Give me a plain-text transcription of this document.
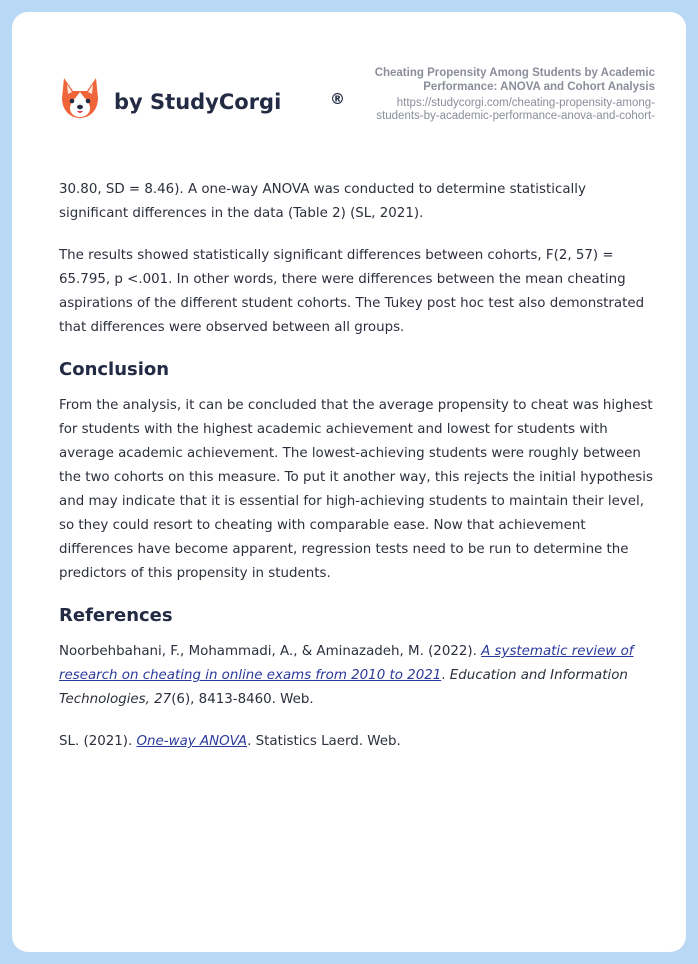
by StudyCorgi	®
Cheating Propensity Among Students by Academic
Performance: ANOVA and Cohort Analysis
https://studycorgi.com/cheating-propensity-among-
students-by-academic-performance-anova-and-cohort-

30.80, SD = 8.46). A one-way ANOVA was conducted to determine statistically significant differences in the data (Table 2) (SL, 2021).

The results showed statistically significant differences between cohorts, F(2, 57) = 65.795, p <.001. In other words, there were differences between the mean cheating aspirations of the different student cohorts. The Tukey post hoc test also demonstrated that differences were observed between all groups.

Conclusion

From the analysis, it can be concluded that the average propensity to cheat was highest for students with the highest academic achievement and lowest for students with average academic achievement. The lowest-achieving students were roughly between the two cohorts on this measure. To put it another way, this rejects the initial hypothesis and may indicate that it is essential for high-achieving students to maintain their level, so they could resort to cheating with comparable ease. Now that achievement differences have become apparent, regression tests need to be run to determine the predictors of this propensity in students.

References

Noorbehbahani, F., Mohammadi, A., & Aminazadeh, M. (2022). A systematic review of research on cheating in online exams from 2010 to 2021. Education and Information Technologies, 27(6), 8413-8460. Web.

SL. (2021). One-way ANOVA. Statistics Laerd. Web.
